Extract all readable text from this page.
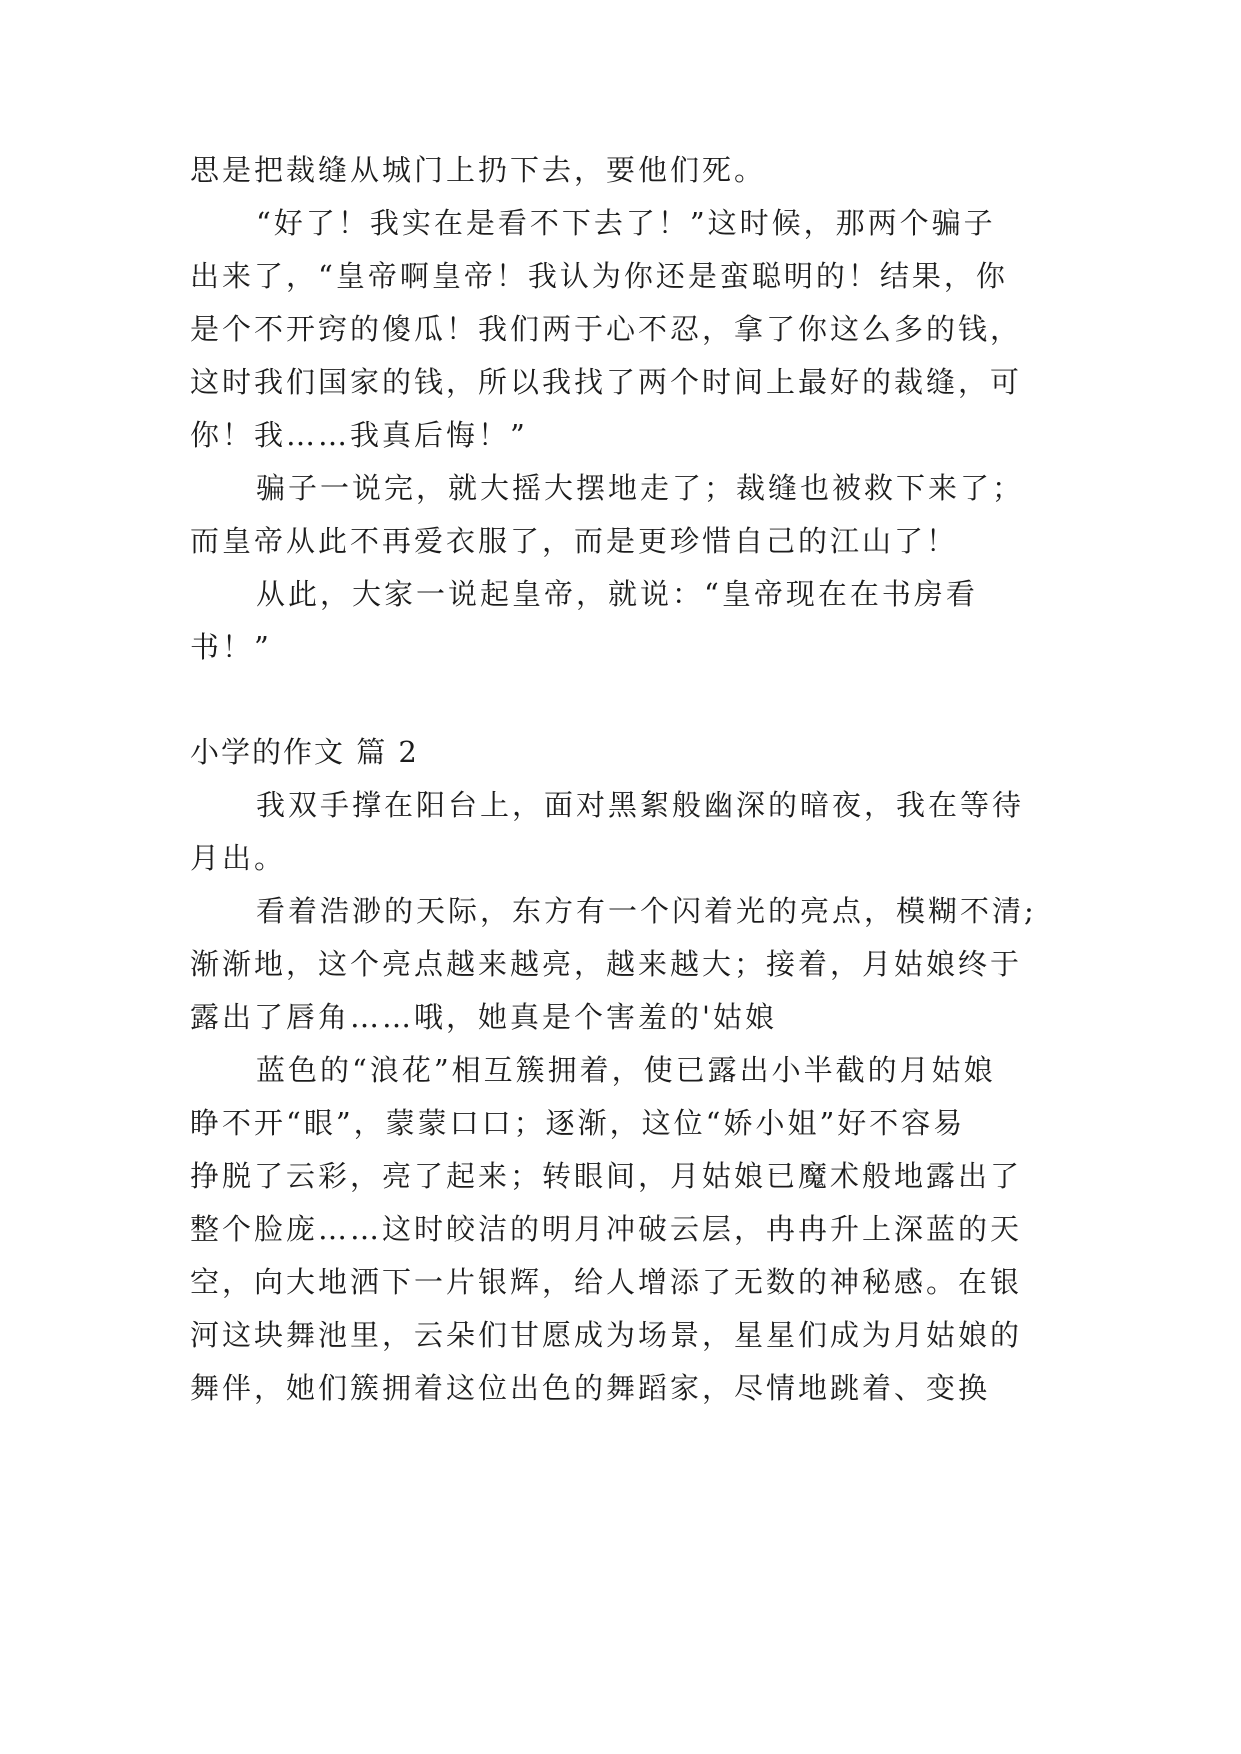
思是把裁缝从城门上扔下去，要他们死。
“好了！我实在是看不下去了！”这时候，那两个骗子
出来了，“皇帝啊皇帝！我认为你还是蛮聪明的！结果，你
是个不开窍的傻瓜！我们两于心不忍，拿了你这么多的钱，
这时我们国家的钱，所以我找了两个时间上最好的裁缝，可
你！我……我真后悔！”
骗子一说完，就大摇大摆地走了；裁缝也被救下来了；
而皇帝从此不再爱衣服了，而是更珍惜自己的江山了！
从此，大家一说起皇帝，就说：“皇帝现在在书房看
书！”
小学的作文 篇 2
我双手撑在阳台上，面对黑絮般幽深的暗夜，我在等待
月出。
看着浩渺的天际，东方有一个闪着光的亮点，模糊不清;
渐渐地，这个亮点越来越亮，越来越大；接着，月姑娘终于
露出了唇角……哦，她真是个害羞的'姑娘
蓝色的“浪花”相互簇拥着，使已露出小半截的月姑娘
睁不开“眼”，蒙蒙口口；逐渐，这位“娇小姐”好不容易
挣脱了云彩，亮了起来；转眼间，月姑娘已魔术般地露出了
整个脸庞……这时皎洁的明月冲破云层，冉冉升上深蓝的天
空，向大地洒下一片银辉，给人增添了无数的神秘感。在银
河这块舞池里，云朵们甘愿成为场景，星星们成为月姑娘的
舞伴，她们簇拥着这位出色的舞蹈家，尽情地跳着、变换
